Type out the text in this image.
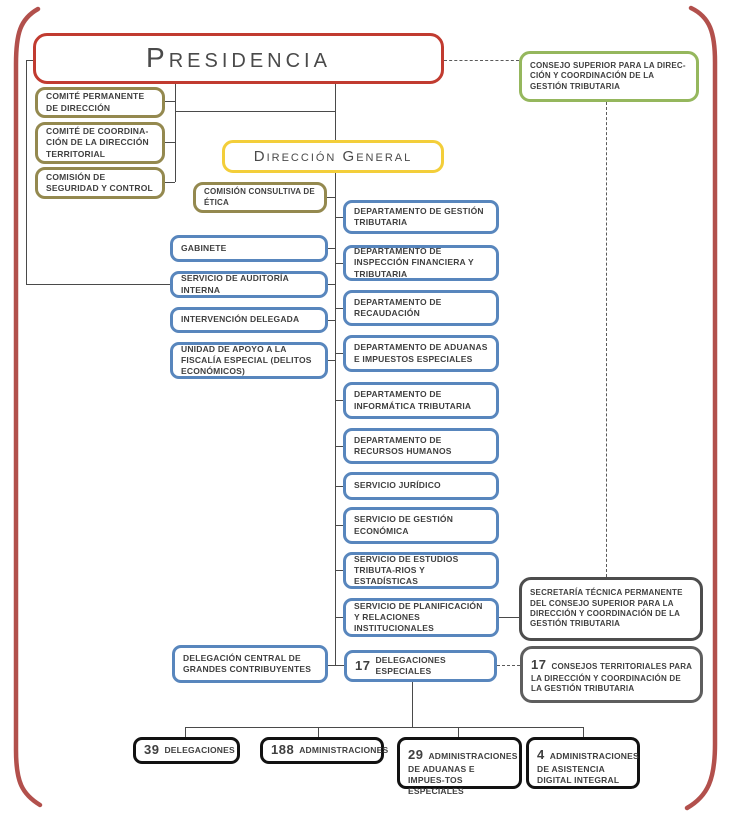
Presidencia	CONSEJO SUPERIOR PARA LA DIREC-CIÓN Y COORDINACIÓN DE LA GESTIÓN TRIBUTARIA
COMITÉ PERMANENTE DE DIRECCIÓN
COMITÉ DE COORDINA-CIÓN DE LA DIRECCIÓN TERRITORIAL
COMISIÓN DE SEGURIDAD Y CONTROL
Dirección General
COMISIÓN CONSULTIVA DE ÉTICA
GABINETE
SERVICIO DE AUDITORÍA INTERNA
INTERVENCIÓN DELEGADA
UNIDAD DE APOYO A LA FISCALÍA ESPECIAL (DELITOS ECONÓMICOS)
DEPARTAMENTO DE GESTIÓN TRIBUTARIA
DEPARTAMENTO DE INSPECCIÓN FINANCIERA Y TRIBUTARIA
DEPARTAMENTO DE RECAUDACIÓN
DEPARTAMENTO DE ADUANAS E IMPUESTOS ESPECIALES
DEPARTAMENTO DE INFORMÁTICA TRIBUTARIA
DEPARTAMENTO DE RECURSOS HUMANOS
SERVICIO JURÍDICO
SERVICIO DE GESTIÓN ECONÓMICA
SERVICIO DE ESTUDIOS TRIBUTA-RIOS Y ESTADÍSTICAS
SERVICIO DE PLANIFICACIÓN Y RELACIONES INSTITUCIONALES
SECRETARÍA TÉCNICA PERMANENTE DEL CONSEJO SUPERIOR PARA LA DIRECCIÓN Y COORDINACIÓN DE LA GESTIÓN TRIBUTARIA
DELEGACIÓN CENTRAL DE GRANDES CONTRIBUYENTES	17 DELEGACIONES ESPECIALES	17 CONSEJOS TERRITORIALES PARA LA DIRECCIÓN Y COORDINACIÓN DE LA GESTIÓN TRIBUTARIA
39 DELEGACIONES	188 ADMINISTRACIONES	29 ADMINISTRACIONES DE ADUANAS E IMPUES-TOS ESPECIALES
4 ADMINISTRACIONES DE ASISTENCIA DIGITAL INTEGRAL
